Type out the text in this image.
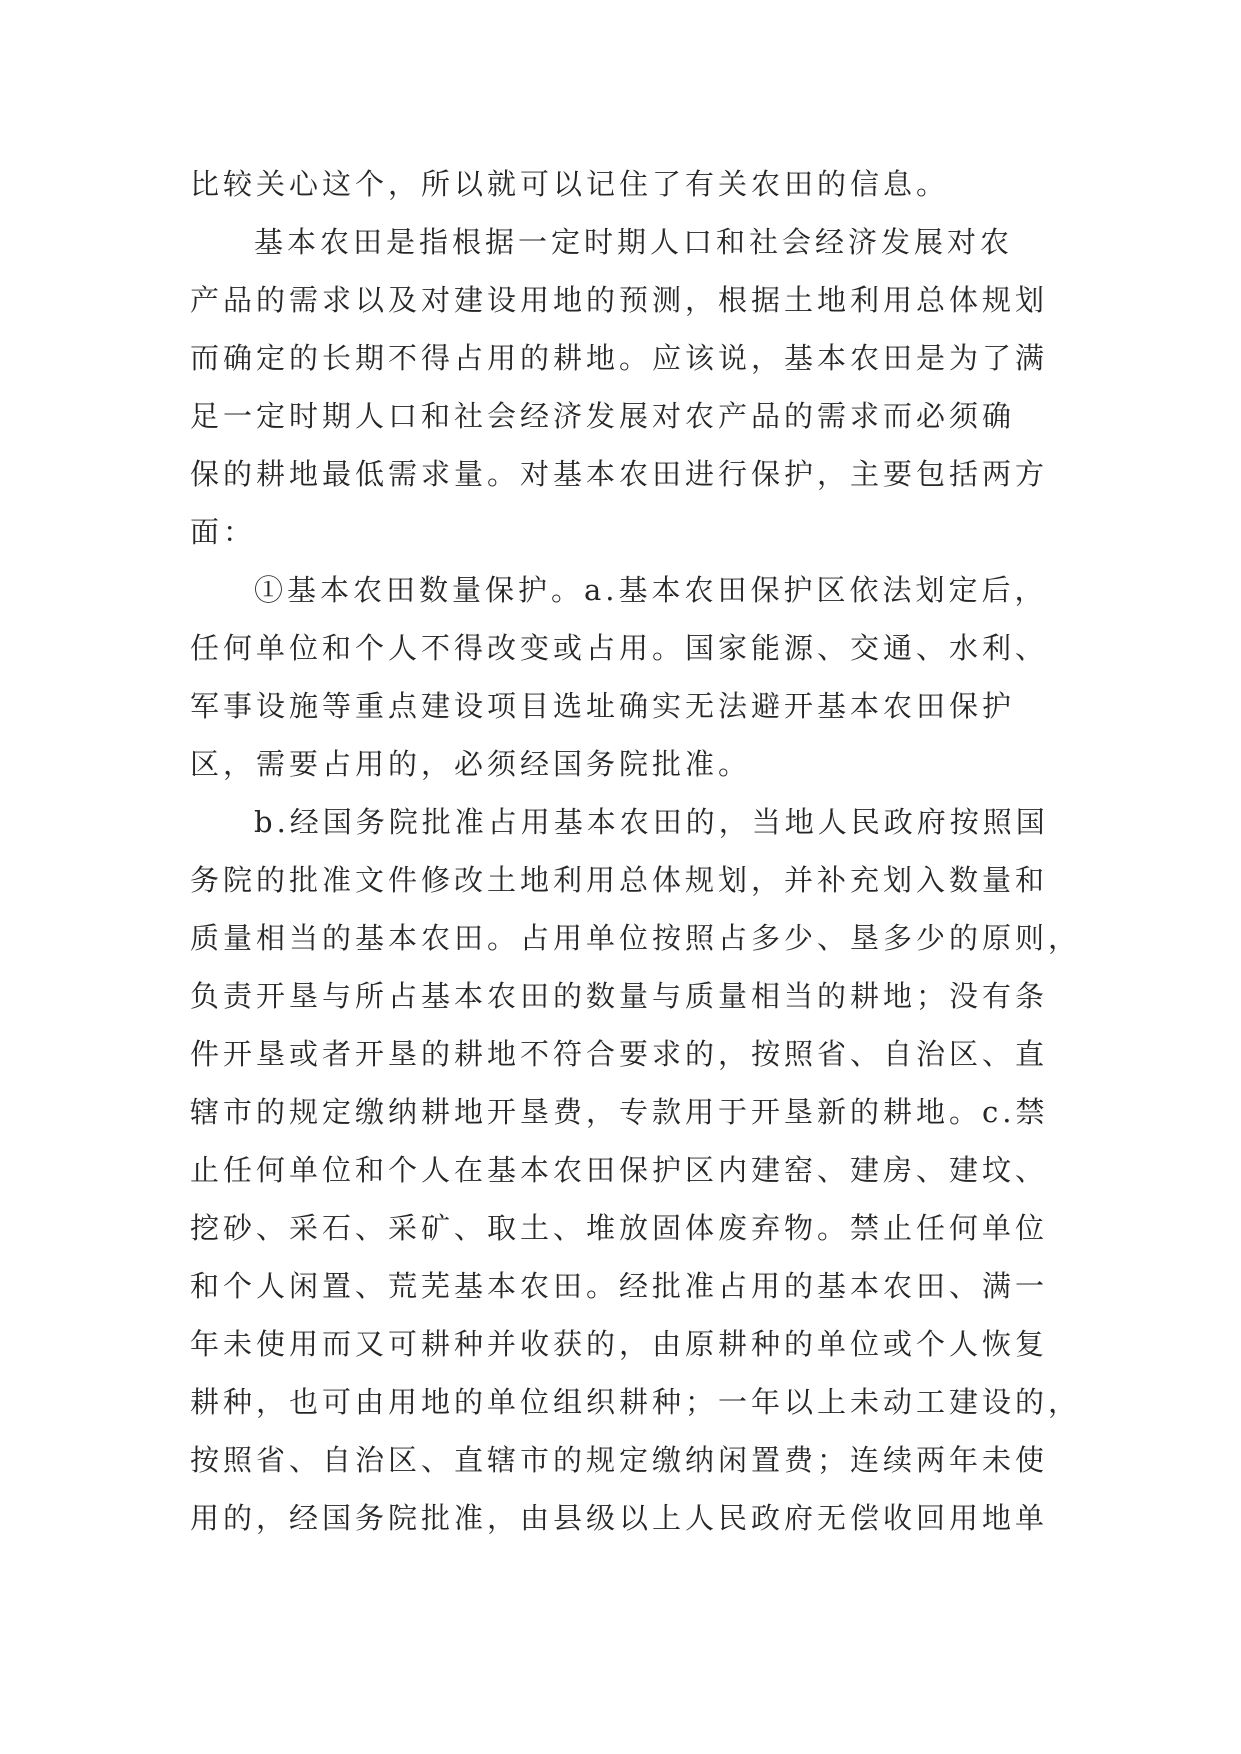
比较关心这个，所以就可以记住了有关农田的信息。
基本农田是指根据一定时期人口和社会经济发展对农
产品的需求以及对建设用地的预测，根据土地利用总体规划
而确定的长期不得占用的耕地。应该说，基本农田是为了满
足一定时期人口和社会经济发展对农产品的需求而必须确
保的耕地最低需求量。对基本农田进行保护，主要包括两方
面：
①基本农田数量保护。a.基本农田保护区依法划定后，
任何单位和个人不得改变或占用。国家能源、交通、水利、
军事设施等重点建设项目选址确实无法避开基本农田保护
区，需要占用的，必须经国务院批准。
b.经国务院批准占用基本农田的，当地人民政府按照国
务院的批准文件修改土地利用总体规划，并补充划入数量和
质量相当的基本农田。占用单位按照占多少、垦多少的原则，
负责开垦与所占基本农田的数量与质量相当的耕地；没有条
件开垦或者开垦的耕地不符合要求的，按照省、自治区、直
辖市的规定缴纳耕地开垦费，专款用于开垦新的耕地。c.禁
止任何单位和个人在基本农田保护区内建窑、建房、建坟、
挖砂、采石、采矿、取土、堆放固体废弃物。禁止任何单位
和个人闲置、荒芜基本农田。经批准占用的基本农田、满一
年未使用而又可耕种并收获的，由原耕种的单位或个人恢复
耕种，也可由用地的单位组织耕种；一年以上未动工建设的，
按照省、自治区、直辖市的规定缴纳闲置费；连续两年未使
用的，经国务院批准，由县级以上人民政府无偿收回用地单
